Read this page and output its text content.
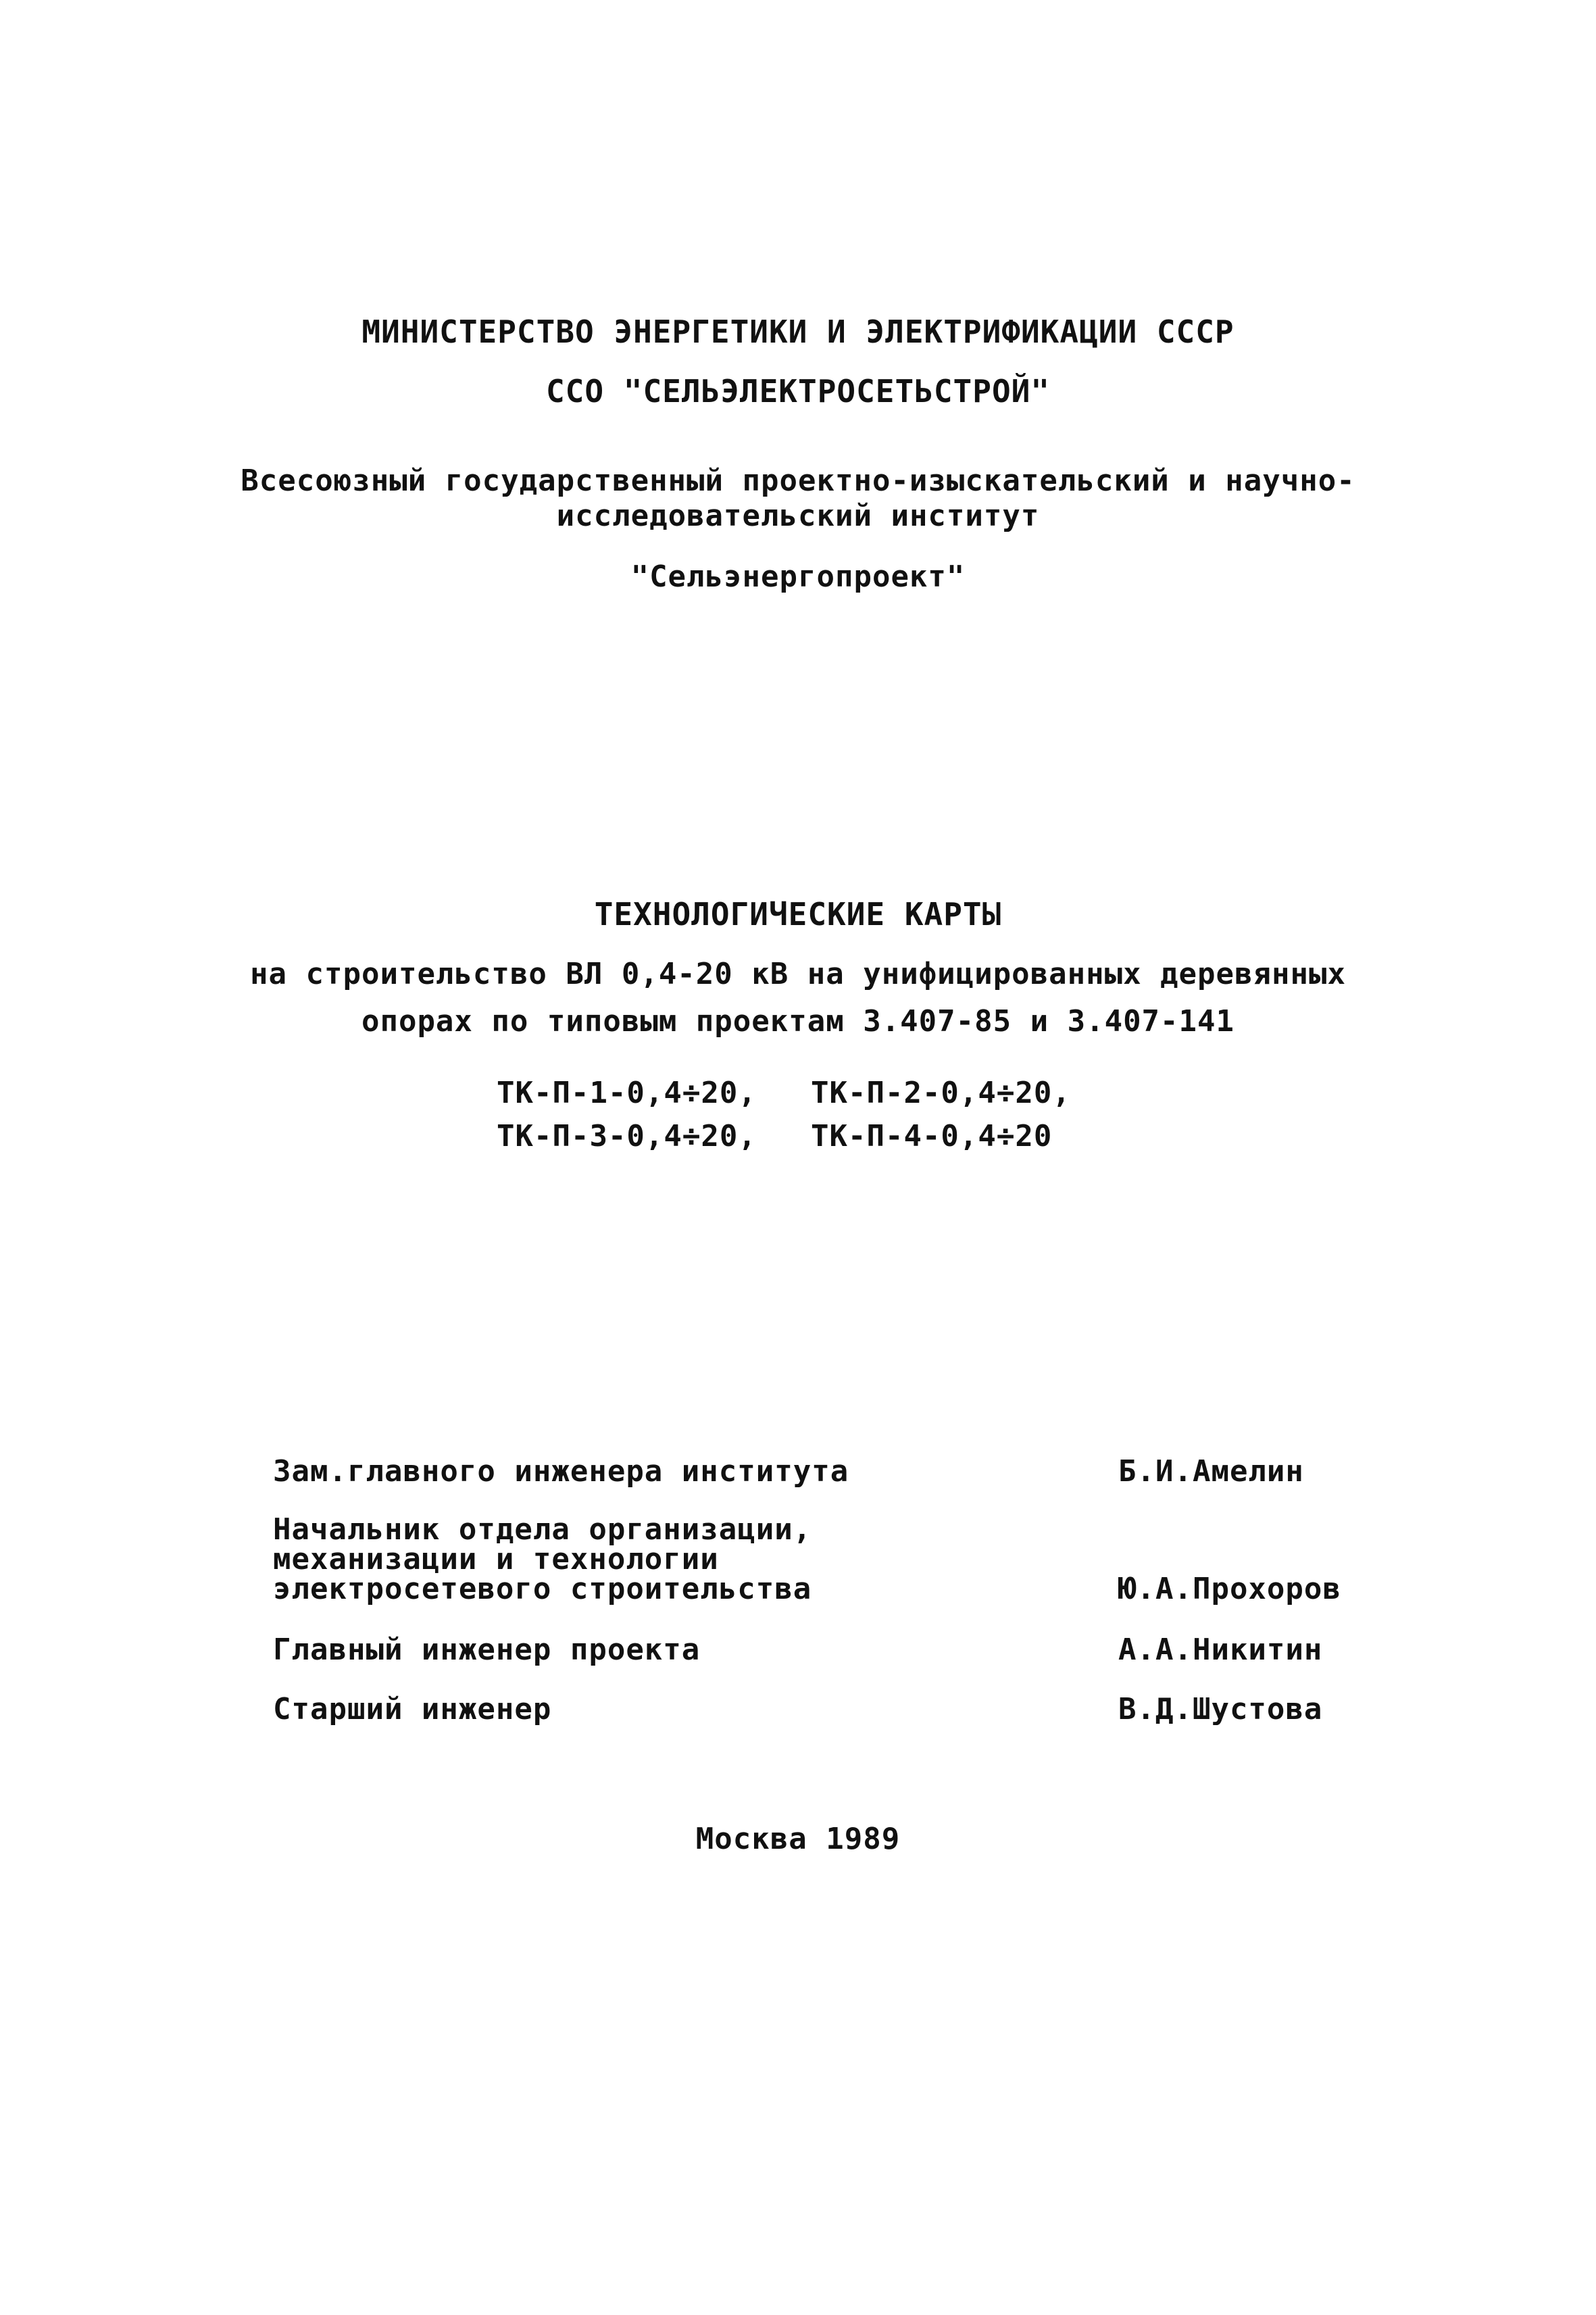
МИНИСТЕРСТВО ЭНЕРГЕТИКИ И ЭЛЕКТРИФИКАЦИИ СССР
ССО "СЕЛЬЭЛЕКТРОСЕТЬСТРОЙ"
Всесоюзный государственный проектно-изыскательский и научно-
исследовательский институт
"Сельэнергопроект"
ТЕХНОЛОГИЧЕСКИЕ КАРТЫ
на строительство ВЛ 0,4-20 кВ на унифицированных деревянных
опорах по типовым проектам 3.407-85 и 3.407-141
ТК-П-1-0,4÷20, ТК-П-2-0,4÷20,
ТК-П-3-0,4÷20, ТК-П-4-0,4÷20
Зам.главного инженера института	Б.И.Амелин
Начальник отдела организации,
механизации и технологии
электросетевого строительства	Ю.А.Прохоров
Главный инженер проекта	А.А.Никитин
Старший инженер	В.Д.Шустова
Москва 1989
